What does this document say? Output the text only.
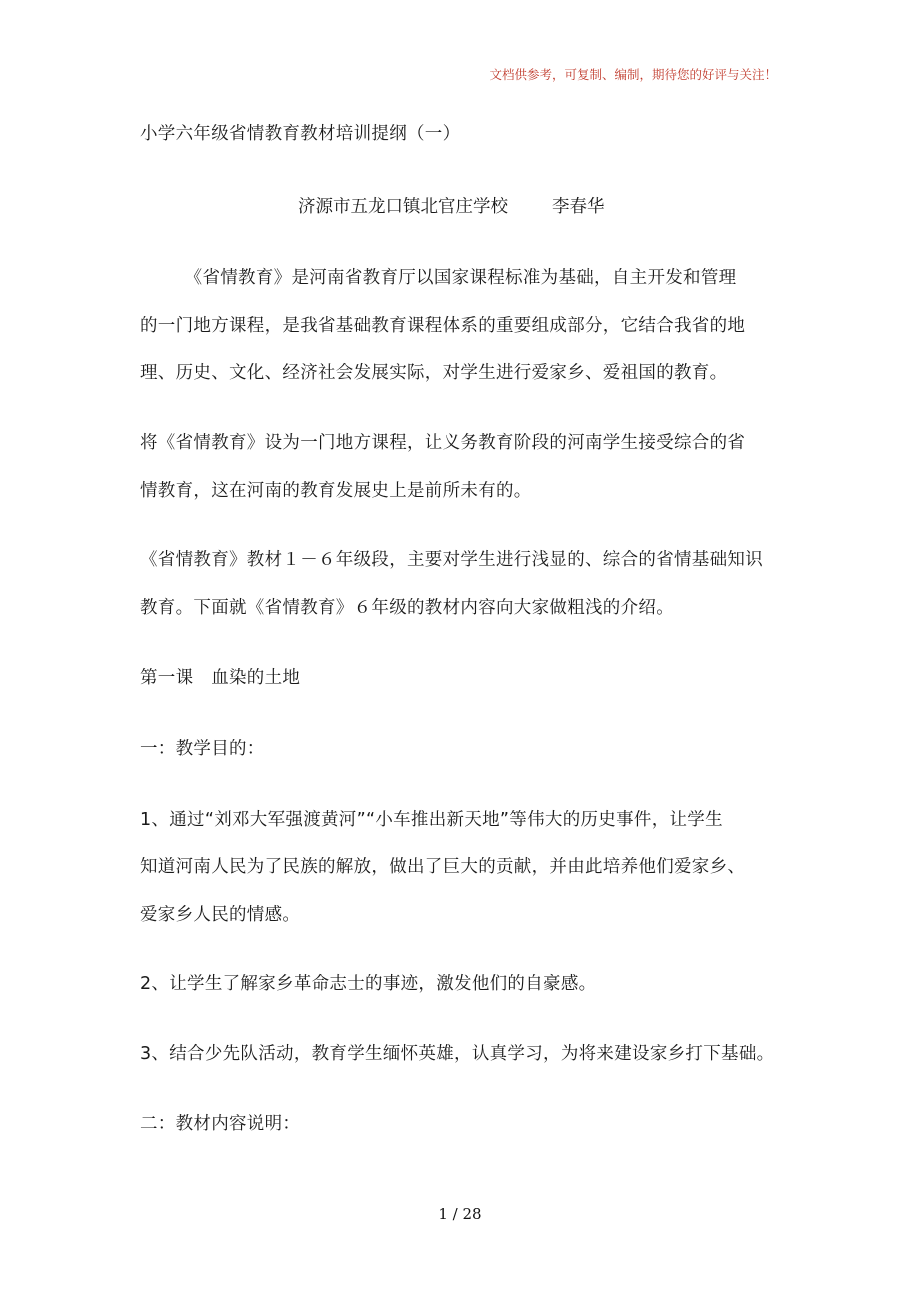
文档供参考，可复制、编制，期待您的好评与关注！
小学六年级省情教育教材培训提纲（一）
济源市五龙口镇北官庄学校	李春华
　　　《省情教育》是河南省教育厅以国家课程标准为基础，自主开发和管理
的一门地方课程，是我省基础教育课程体系的重要组成部分，它结合我省的地
理、历史、文化、经济社会发展实际，对学生进行爱家乡、爱祖国的教育。
将《省情教育》设为一门地方课程，让义务教育阶段的河南学生接受综合的省
情教育，这在河南的教育发展史上是前所未有的。
《省情教育》教材１－６年级段，主要对学生进行浅显的、综合的省情基础知识
教育。下面就《省情教育》６年级的教材内容向大家做粗浅的介绍。
第一课　血染的土地
一：教学目的：
1、通过“刘邓大军强渡黄河”“小车推出新天地”等伟大的历史事件，让学生
知道河南人民为了民族的解放，做出了巨大的贡献，并由此培养他们爱家乡、
爱家乡人民的情感。
2、让学生了解家乡革命志士的事迹，激发他们的自豪感。
3、结合少先队活动，教育学生缅怀英雄，认真学习，为将来建设家乡打下基础。
二：教材内容说明：
1 / 28
